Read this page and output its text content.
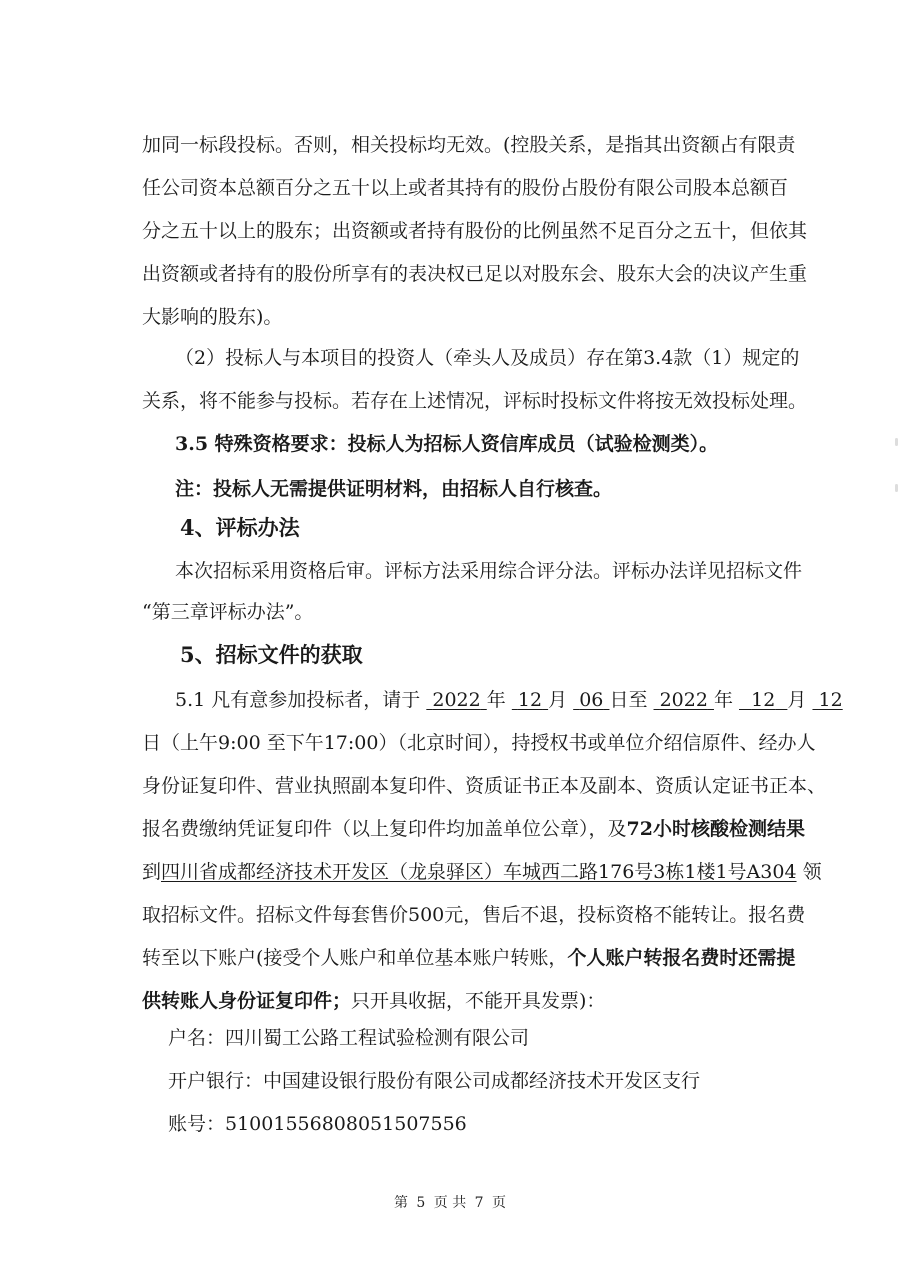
加同一标段投标。否则，相关投标均无效。(控股关系，是指其出资额占有限责
任公司资本总额百分之五十以上或者其持有的股份占股份有限公司股本总额百
分之五十以上的股东；出资额或者持有股份的比例虽然不足百分之五十，但依其
出资额或者持有的股份所享有的表决权已足以对股东会、股东大会的决议产生重
大影响的股东)。
（2）投标人与本项目的投资人（牵头人及成员）存在第3.4款（1）规定的
关系，将不能参与投标。若存在上述情况，评标时投标文件将按无效投标处理。
3.5 特殊资格要求：投标人为招标人资信库成员（试验检测类）。
注：投标人无需提供证明材料，由招标人自行核查。
4、评标办法
本次招标采用资格后审。评标方法采用综合评分法。评标办法详见招标文件
“第三章评标办法”。
5、招标文件的获取
5.1 凡有意参加投标者，请于 2022 年 12 月 06 日至 2022 年 12 月 12
日（上午9:00 至下午17:00）（北京时间），持授权书或单位介绍信原件、经办人
身份证复印件、营业执照副本复印件、资质证书正本及副本、资质认定证书正本、
报名费缴纳凭证复印件（以上复印件均加盖单位公章），及72小时核酸检测结果
到四川省成都经济技术开发区（龙泉驿区）车城西二路176号3栋1楼1号A304 领
取招标文件。招标文件每套售价500元，售后不退，投标资格不能转让。报名费
转至以下账户(接受个人账户和单位基本账户转账，个人账户转报名费时还需提
供转账人身份证复印件；只开具收据，不能开具发票)：
户名：四川蜀工公路工程试验检测有限公司
开户银行：中国建设银行股份有限公司成都经济技术开发区支行
账号：51001556808051507556
第 5 页 共 7 页
